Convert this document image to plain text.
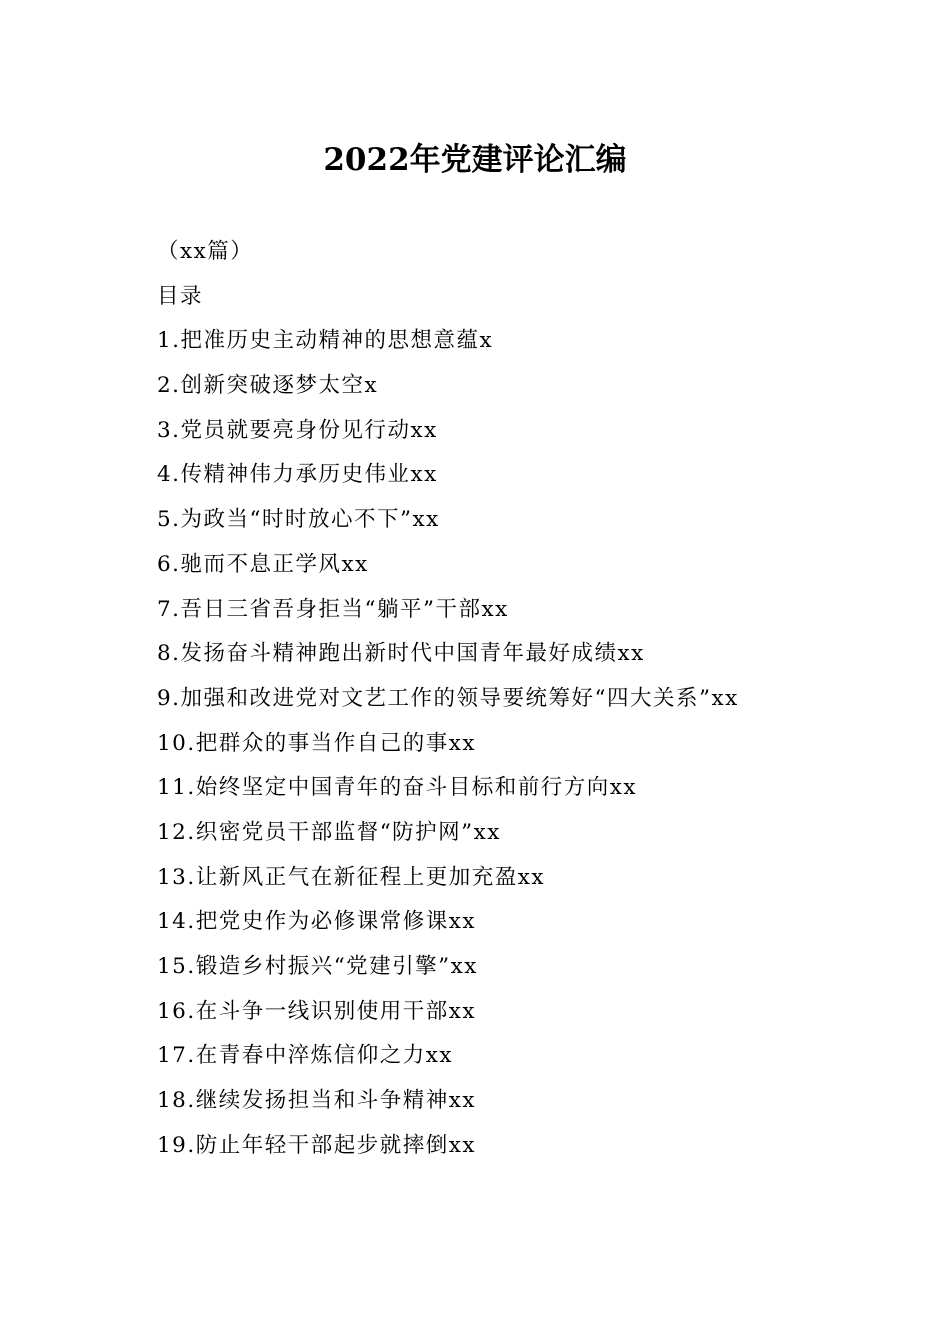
2022年党建评论汇编
（xx篇）
目录
1.把准历史主动精神的思想意蕴x
2.创新突破逐梦太空x
3.党员就要亮身份见行动xx
4.传精神伟力承历史伟业xx
5.为政当“时时放心不下”xx
6.驰而不息正学风xx
7.吾日三省吾身拒当“躺平”干部xx
8.发扬奋斗精神跑出新时代中国青年最好成绩xx
9.加强和改进党对文艺工作的领导要统筹好“四大关系”xx
10.把群众的事当作自己的事xx
11.始终坚定中国青年的奋斗目标和前行方向xx
12.织密党员干部监督“防护网”xx
13.让新风正气在新征程上更加充盈xx
14.把党史作为必修课常修课xx
15.锻造乡村振兴“党建引擎”xx
16.在斗争一线识别使用干部xx
17.在青春中淬炼信仰之力xx
18.继续发扬担当和斗争精神xx
19.防止年轻干部起步就摔倒xx
